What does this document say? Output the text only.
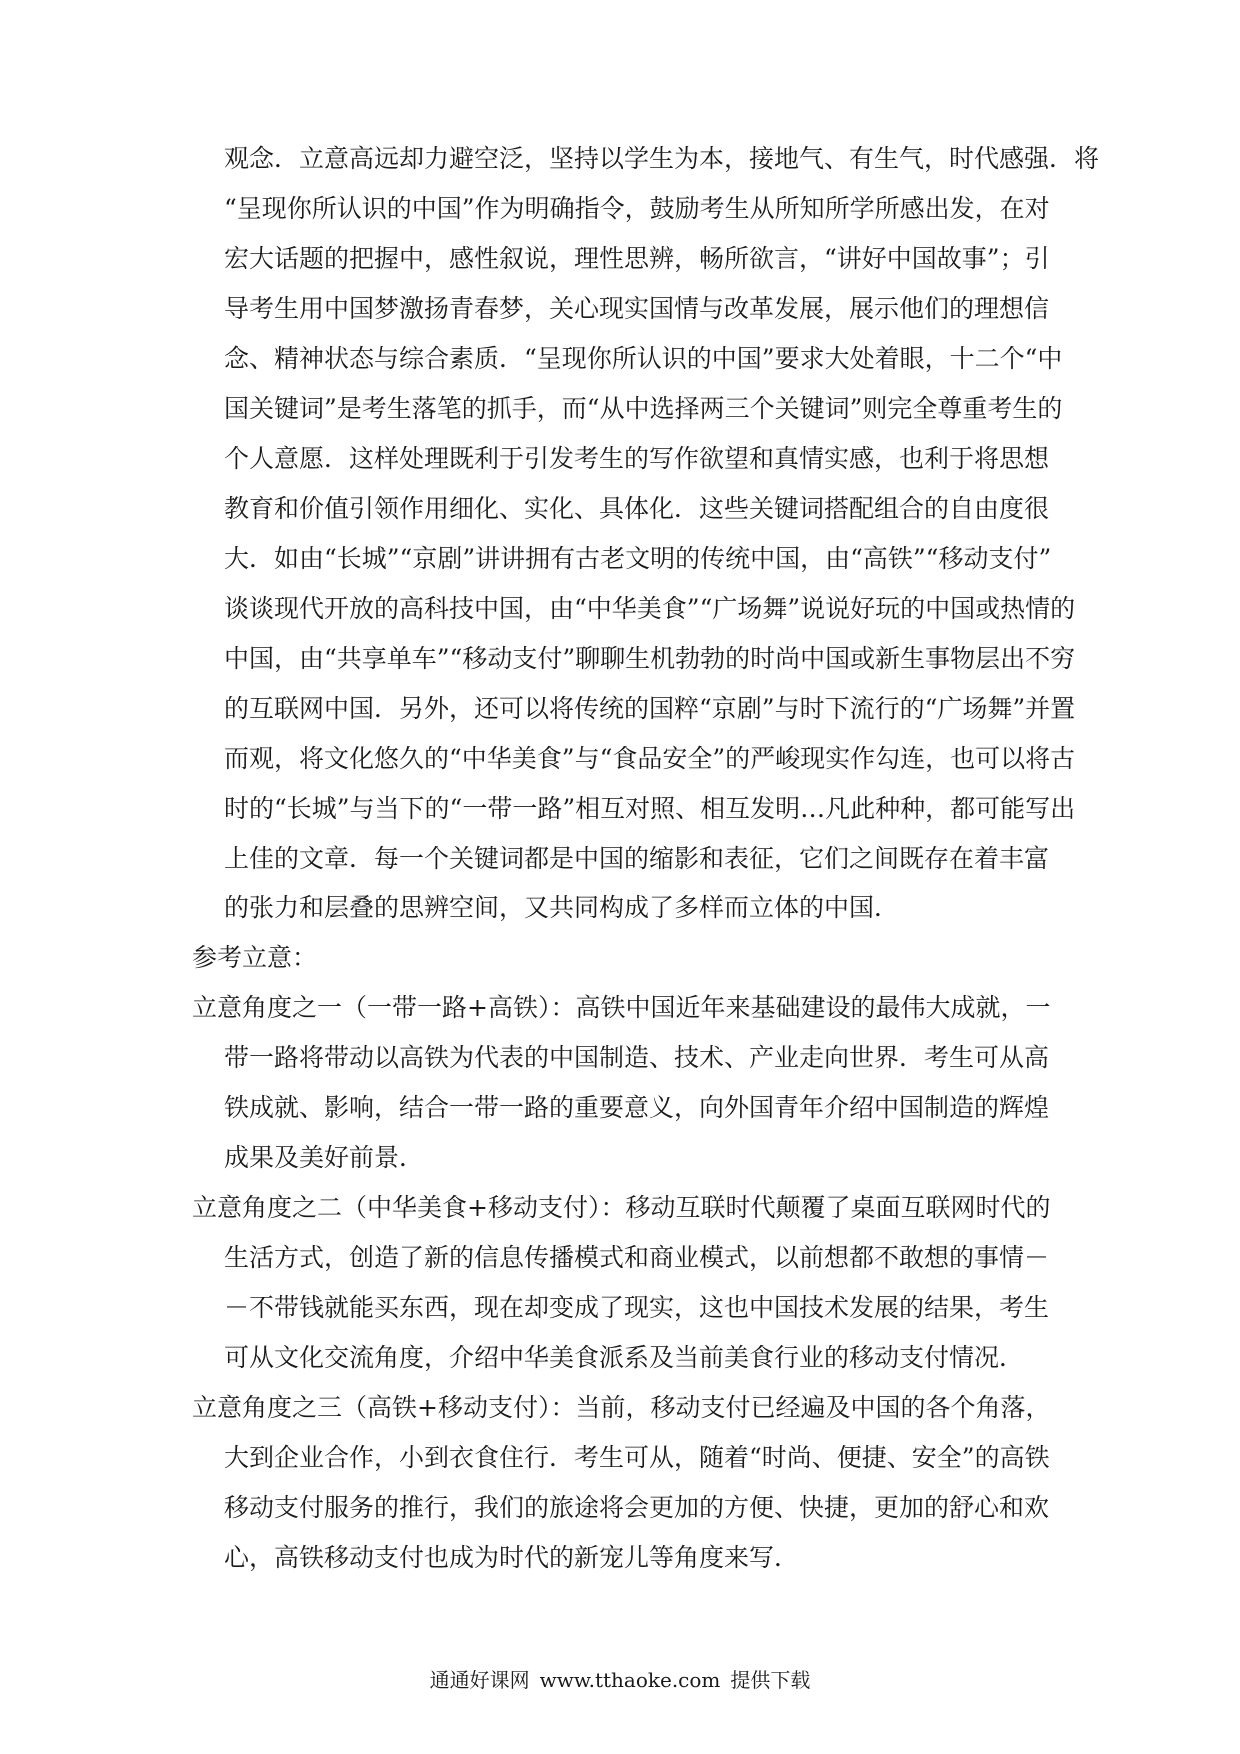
观念．立意高远却力避空泛，坚持以学生为本，接地气、有生气，时代感强．将
“呈现你所认识的中国”作为明确指令，鼓励考生从所知所学所感出发，在对
宏大话题的把握中，感性叙说，理性思辨，畅所欲言，“讲好中国故事”；引
导考生用中国梦激扬青春梦，关心现实国情与改革发展，展示他们的理想信
念、精神状态与综合素质．“呈现你所认识的中国”要求大处着眼，十二个“中
国关键词”是考生落笔的抓手，而“从中选择两三个关键词”则完全尊重考生的
个人意愿．这样处理既利于引发考生的写作欲望和真情实感，也利于将思想
教育和价值引领作用细化、实化、具体化．这些关键词搭配组合的自由度很
大．如由“长城”“京剧”讲讲拥有古老文明的传统中国，由“高铁”“移动支付”
谈谈现代开放的高科技中国，由“中华美食”“广场舞”说说好玩的中国或热情的
中国，由“共享单车”“移动支付”聊聊生机勃勃的时尚中国或新生事物层出不穷
的互联网中国．另外，还可以将传统的国粹“京剧”与时下流行的“广场舞”并置
而观，将文化悠久的“中华美食”与“食品安全”的严峻现实作勾连，也可以将古
时的“长城”与当下的“一带一路”相互对照、相互发明…凡此种种，都可能写出
上佳的文章．每一个关键词都是中国的缩影和表征，它们之间既存在着丰富
的张力和层叠的思辨空间，又共同构成了多样而立体的中国．
参考立意：
立意角度之一（一带一路+高铁）：高铁中国近年来基础建设的最伟大成就，一
带一路将带动以高铁为代表的中国制造、技术、产业走向世界．考生可从高
铁成就、影响，结合一带一路的重要意义，向外国青年介绍中国制造的辉煌
成果及美好前景．
立意角度之二（中华美食+移动支付）：移动互联时代颠覆了桌面互联网时代的
生活方式，创造了新的信息传播模式和商业模式，以前想都不敢想的事情－
－不带钱就能买东西，现在却变成了现实，这也中国技术发展的结果，考生
可从文化交流角度，介绍中华美食派系及当前美食行业的移动支付情况．
立意角度之三（高铁+移动支付）：当前，移动支付已经遍及中国的各个角落，
大到企业合作，小到衣食住行．考生可从，随着“时尚、便捷、安全”的高铁
移动支付服务的推行，我们的旅途将会更加的方便、快捷，更加的舒心和欢
心，高铁移动支付也成为时代的新宠儿等角度来写．
通通好课网 www.tthaoke.com 提供下载
